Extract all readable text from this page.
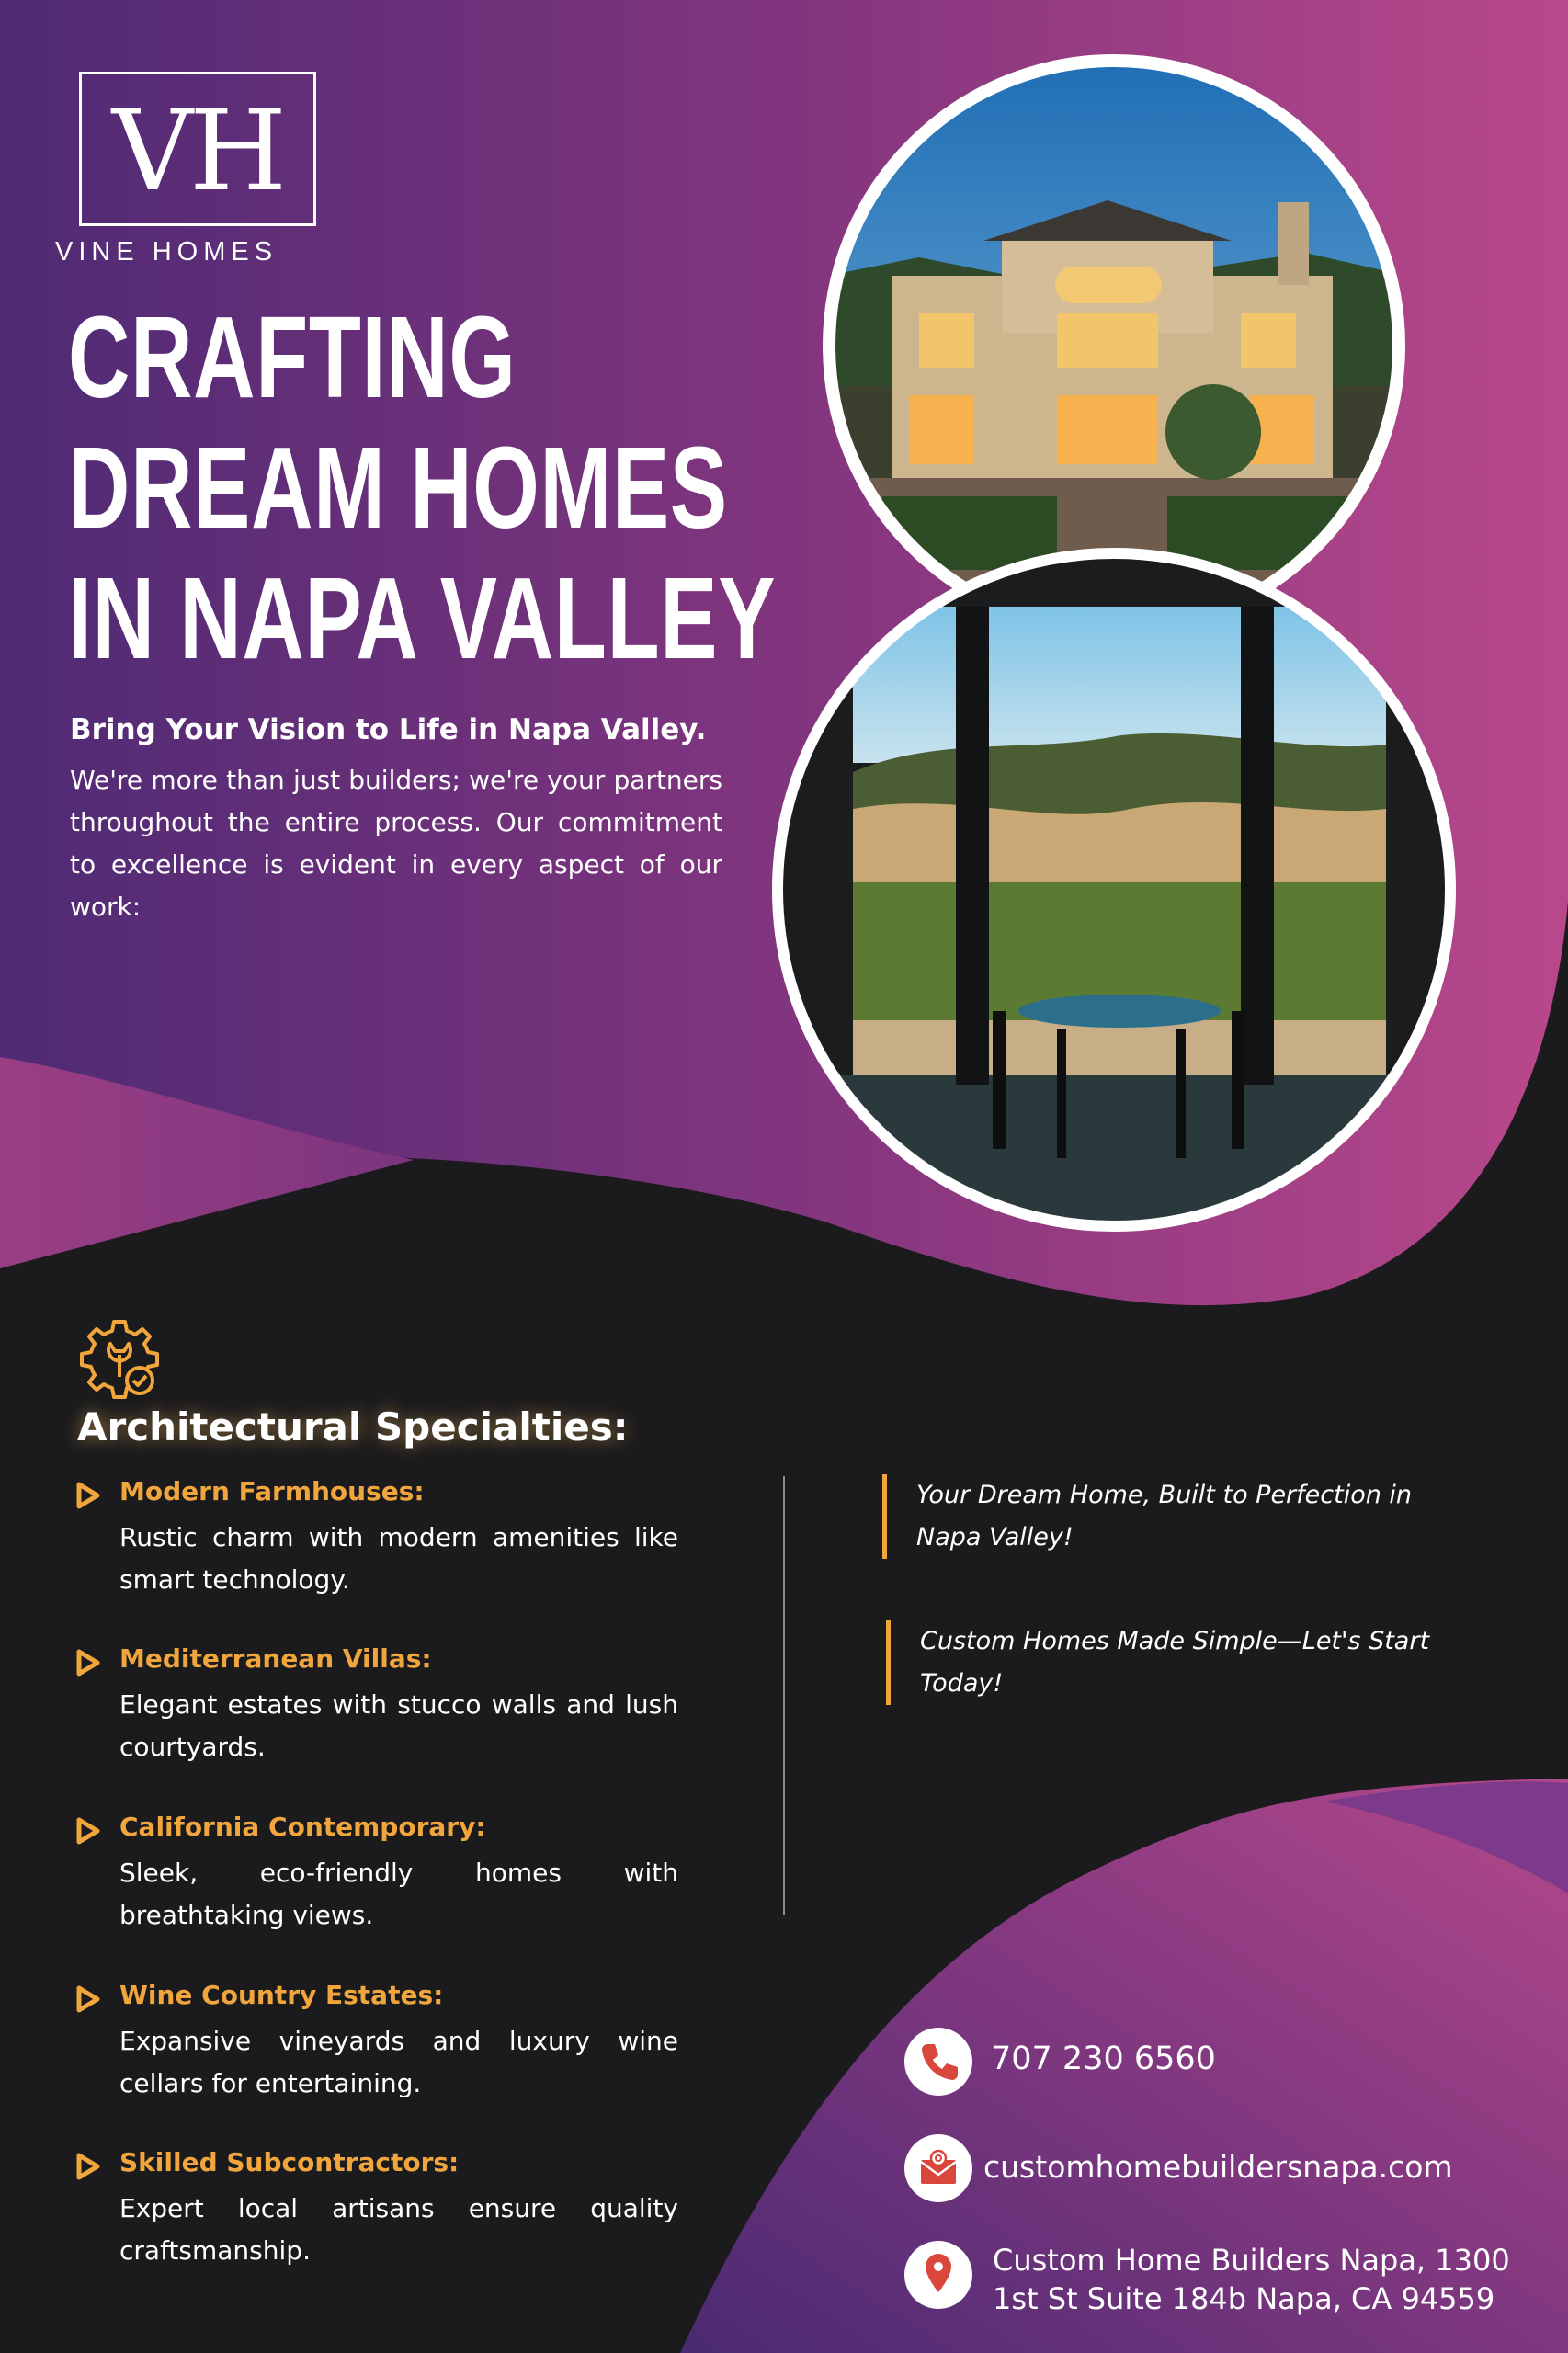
VH
VINE HOMES
CRAFTING
DREAM HOMES
IN NAPA VALLEY
Bring Your Vision to Life in Napa Valley.
We're more than just builders; we're your partners throughout the entire process. Our commitment to excellence is evident in every aspect of our work:
Architectural Specialties:
Modern Farmhouses:
Rustic charm with modern amenities like smart technology.
Mediterranean Villas:
Elegant estates with stucco walls and lush courtyards.
California Contemporary:
Sleek, eco-friendly homes with breathtaking views.
Wine Country Estates:
Expansive vineyards and luxury wine cellars for entertaining.
Skilled Subcontractors:
Expert local artisans ensure quality craftsmanship.
Your Dream Home, Built to Perfection in Napa Valley!
Custom Homes Made Simple—Let's Start Today!
707 230 6560
customhomebuildersnapa.com
Custom Home Builders Napa, 1300
1st St Suite 184b Napa, CA 94559
